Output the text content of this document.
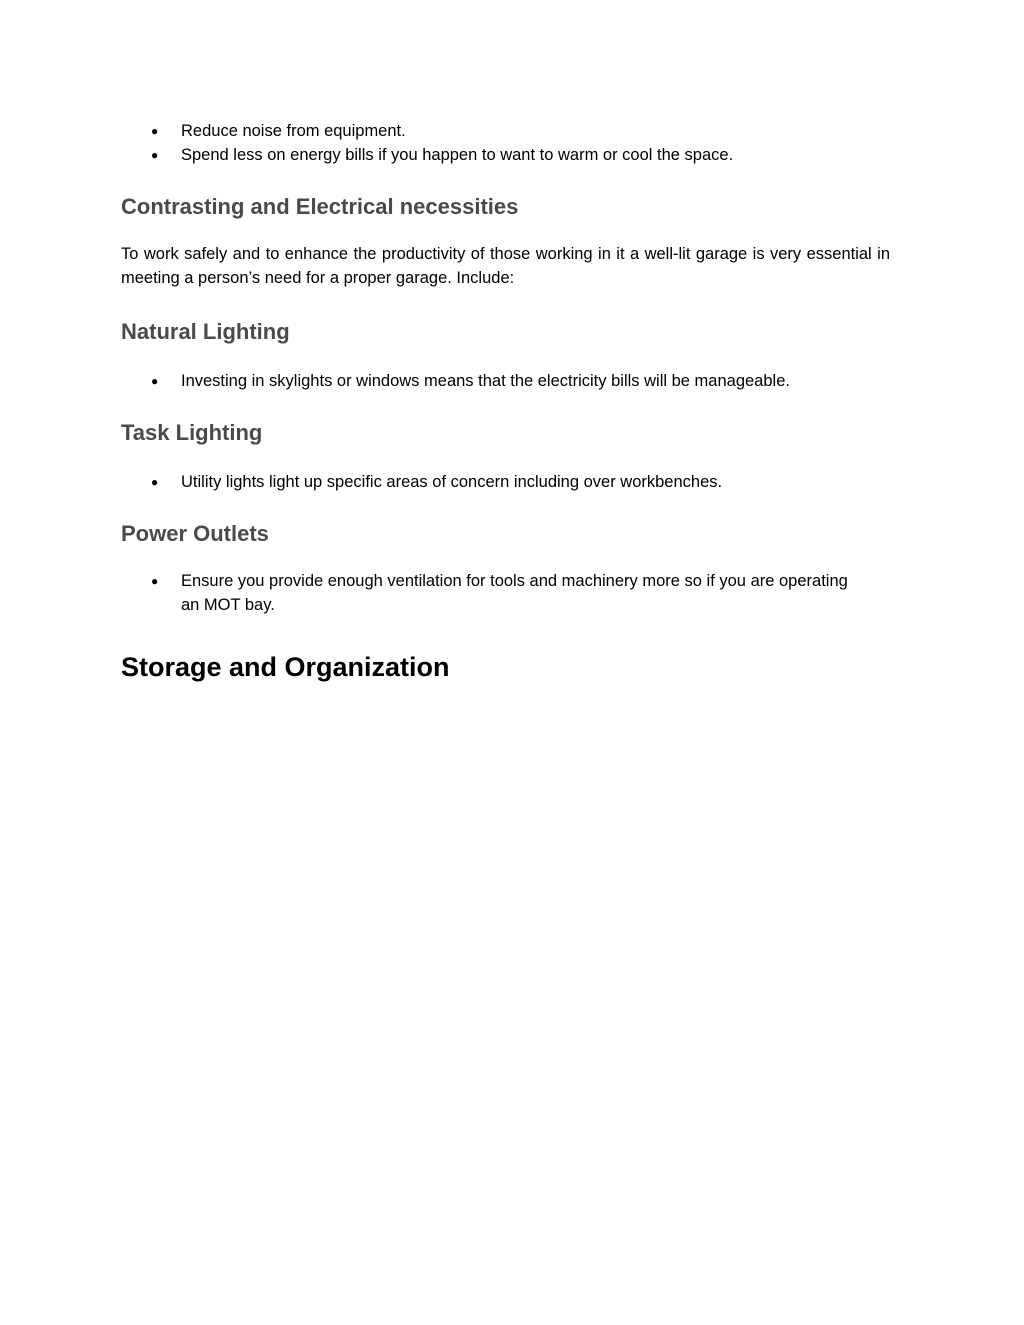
● Reduce noise from equipment.
● Spend less on energy bills if you happen to want to warm or cool the space.
Contrasting and Electrical necessities

To work safely and to enhance the productivity of those working in it a well-lit garage is very essential in meeting a person’s need for a proper garage. Include:

Natural Lighting
● Investing in skylights or windows means that the electricity bills will be manageable.
Task Lighting
● Utility lights light up specific areas of concern including over workbenches.
Power Outlets
● Ensure you provide enough ventilation for tools and machinery more so if you are operating an MOT bay.
Storage and Organization
